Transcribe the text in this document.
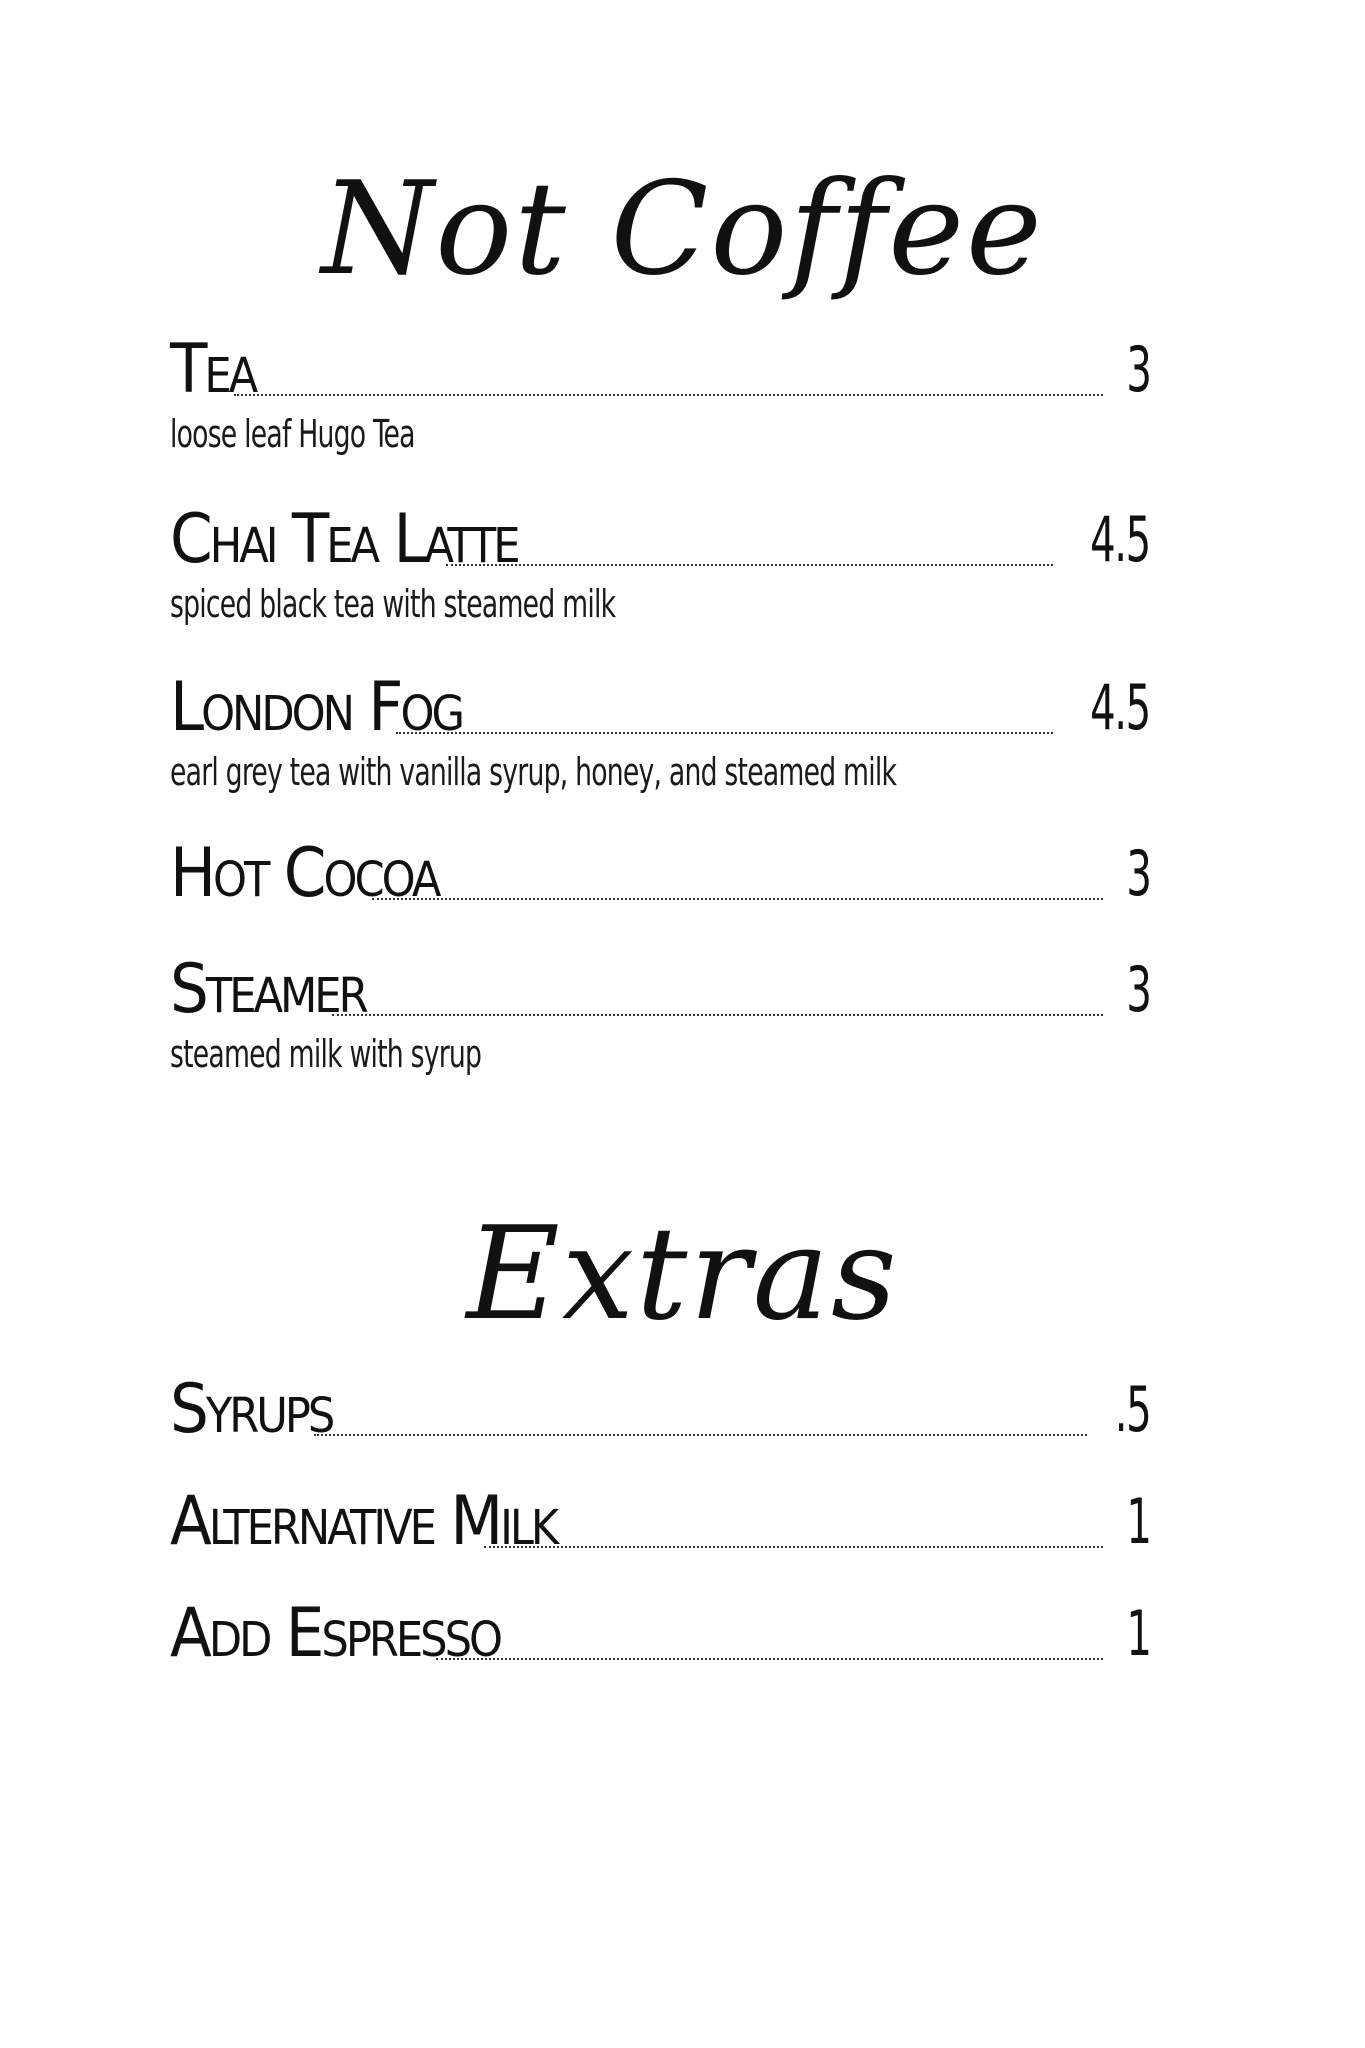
Not Coffee
Tea	3
loose leaf Hugo Tea
Chai Tea Latte	4.5
spiced black tea with steamed milk
London Fog	4.5
earl grey tea with vanilla syrup, honey, and steamed milk
Hot Cocoa	3
Steamer	3
steamed milk with syrup
Extras
Syrups	.5
Alternative Milk	1
Add Espresso	1
